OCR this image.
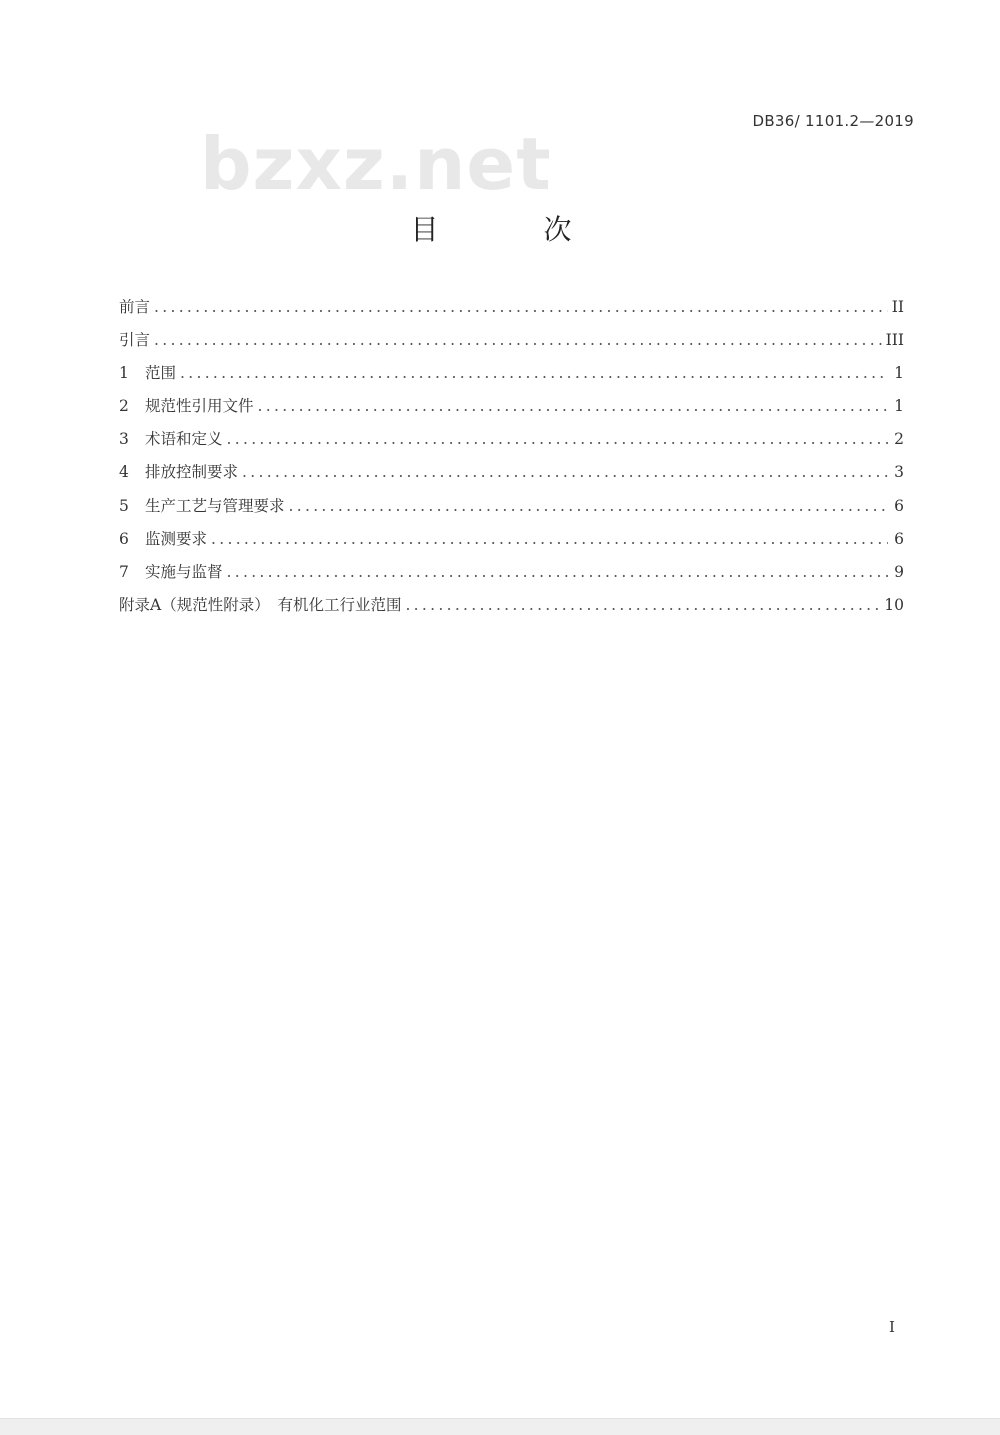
DB36/ 1101.2—2019
bzxz.net
目 次
前言 .....	II
引言 .....	III
1	范围 .....	1
2	规范性引用文件 .....	1
3	术语和定义 .....	2
4	排放控制要求 .....	3
5	生产工艺与管理要求 .....	6
6	监测要求 .....	6
7	实施与监督 .....	9
附录A（规范性附录）　有机化工行业范围 .....	10
I
